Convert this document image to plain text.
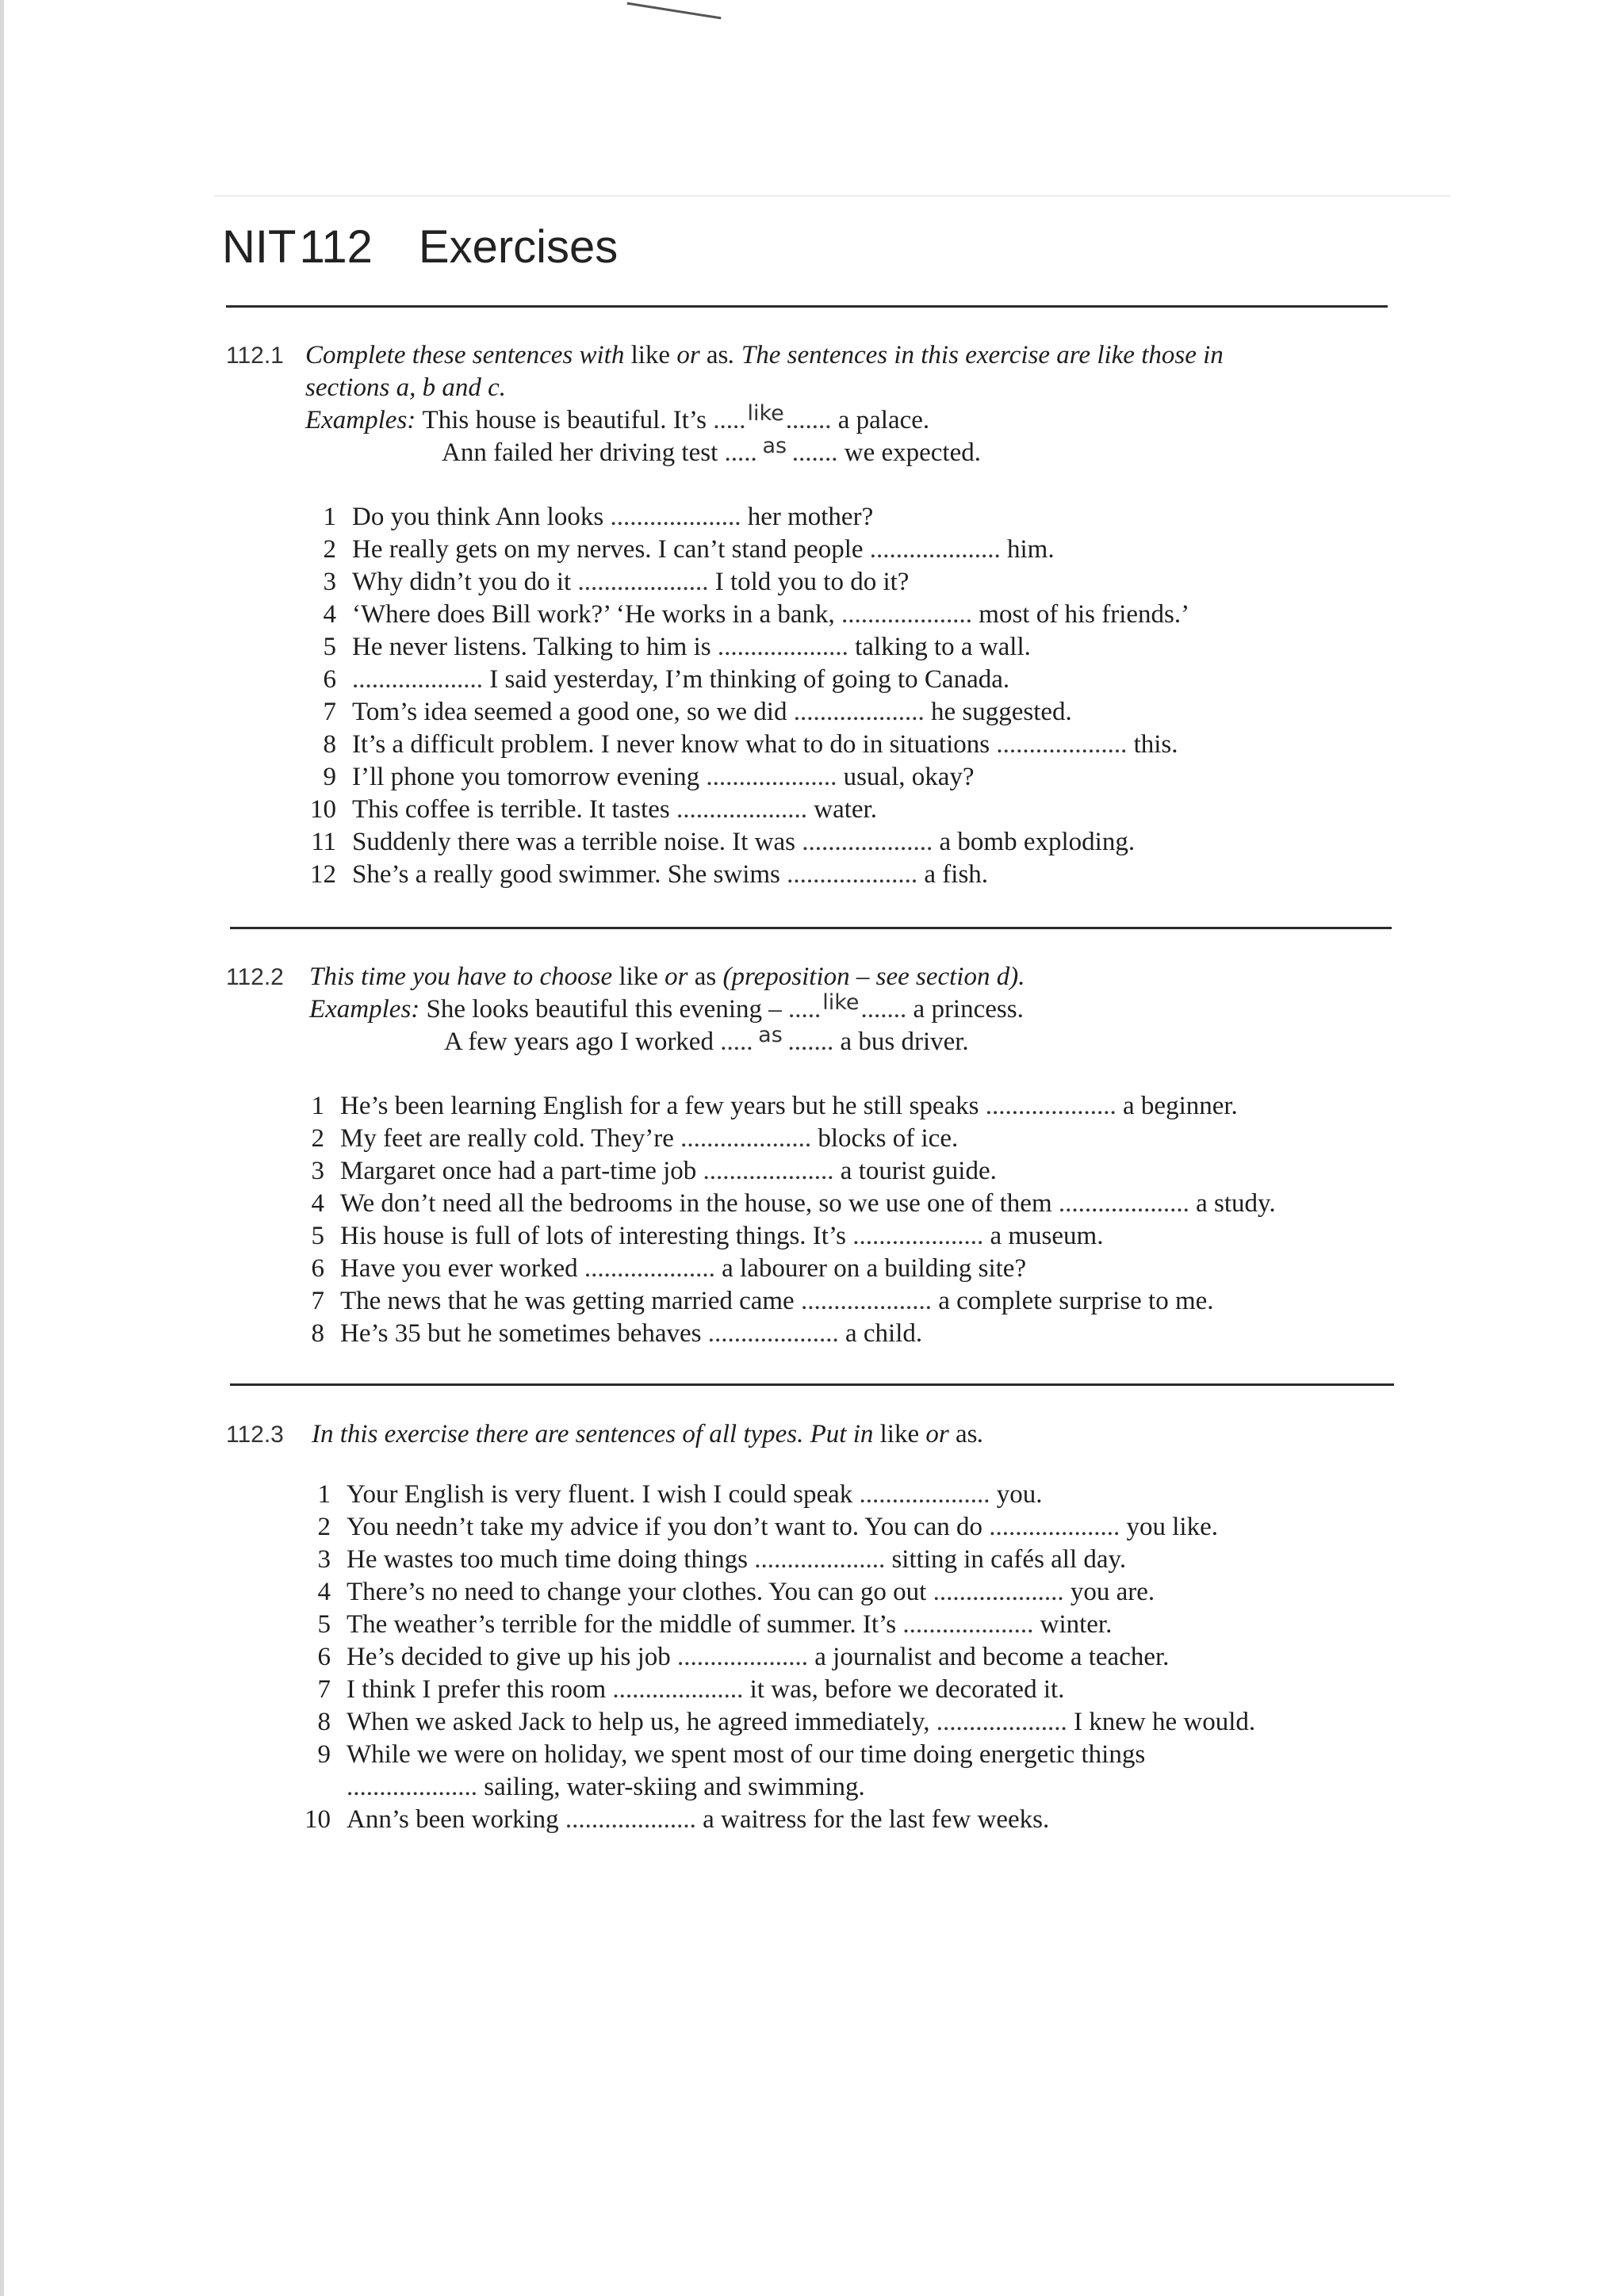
NIT112 Exercises
112.1 Complete these sentences with like or as. The sentences in this exercise are like those in
sections a, b and c.
Examples: This house is beautiful. It’s .....like....... a palace.
Ann failed her driving test ..... as ....... we expected.
1 Do you think Ann looks .................... her mother?
2 He really gets on my nerves. I can’t stand people .................... him.
3 Why didn’t you do it .................... I told you to do it?
4 ‘Where does Bill work?’ ‘He works in a bank, .................... most of his friends.’
5 He never listens. Talking to him is .................... talking to a wall.
6 .................... I said yesterday, I’m thinking of going to Canada.
7 Tom’s idea seemed a good one, so we did .................... he suggested.
8 It’s a difficult problem. I never know what to do in situations .................... this.
9 I’ll phone you tomorrow evening .................... usual, okay?
10 This coffee is terrible. It tastes .................... water.
11 Suddenly there was a terrible noise. It was .................... a bomb exploding.
12 She’s a really good swimmer. She swims .................... a fish.
112.2 This time you have to choose like or as (preposition – see section d).
Examples: She looks beautiful this evening – .....like....... a princess.
A few years ago I worked ..... as ....... a bus driver.
1 He’s been learning English for a few years but he still speaks .................... a beginner.
2 My feet are really cold. They’re .................... blocks of ice.
3 Margaret once had a part-time job .................... a tourist guide.
4 We don’t need all the bedrooms in the house, so we use one of them .................... a study.
5 His house is full of lots of interesting things. It’s .................... a museum.
6 Have you ever worked .................... a labourer on a building site?
7 The news that he was getting married came .................... a complete surprise to me.
8 He’s 35 but he sometimes behaves .................... a child.
112.3 In this exercise there are sentences of all types. Put in like or as.
1 Your English is very fluent. I wish I could speak .................... you.
2 You needn’t take my advice if you don’t want to. You can do .................... you like.
3 He wastes too much time doing things .................... sitting in cafés all day.
4 There’s no need to change your clothes. You can go out .................... you are.
5 The weather’s terrible for the middle of summer. It’s .................... winter.
6 He’s decided to give up his job .................... a journalist and become a teacher.
7 I think I prefer this room .................... it was, before we decorated it.
8 When we asked Jack to help us, he agreed immediately, .................... I knew he would.
9 While we were on holiday, we spent most of our time doing energetic things
.................... sailing, water-skiing and swimming.
10 Ann’s been working .................... a waitress for the last few weeks.
